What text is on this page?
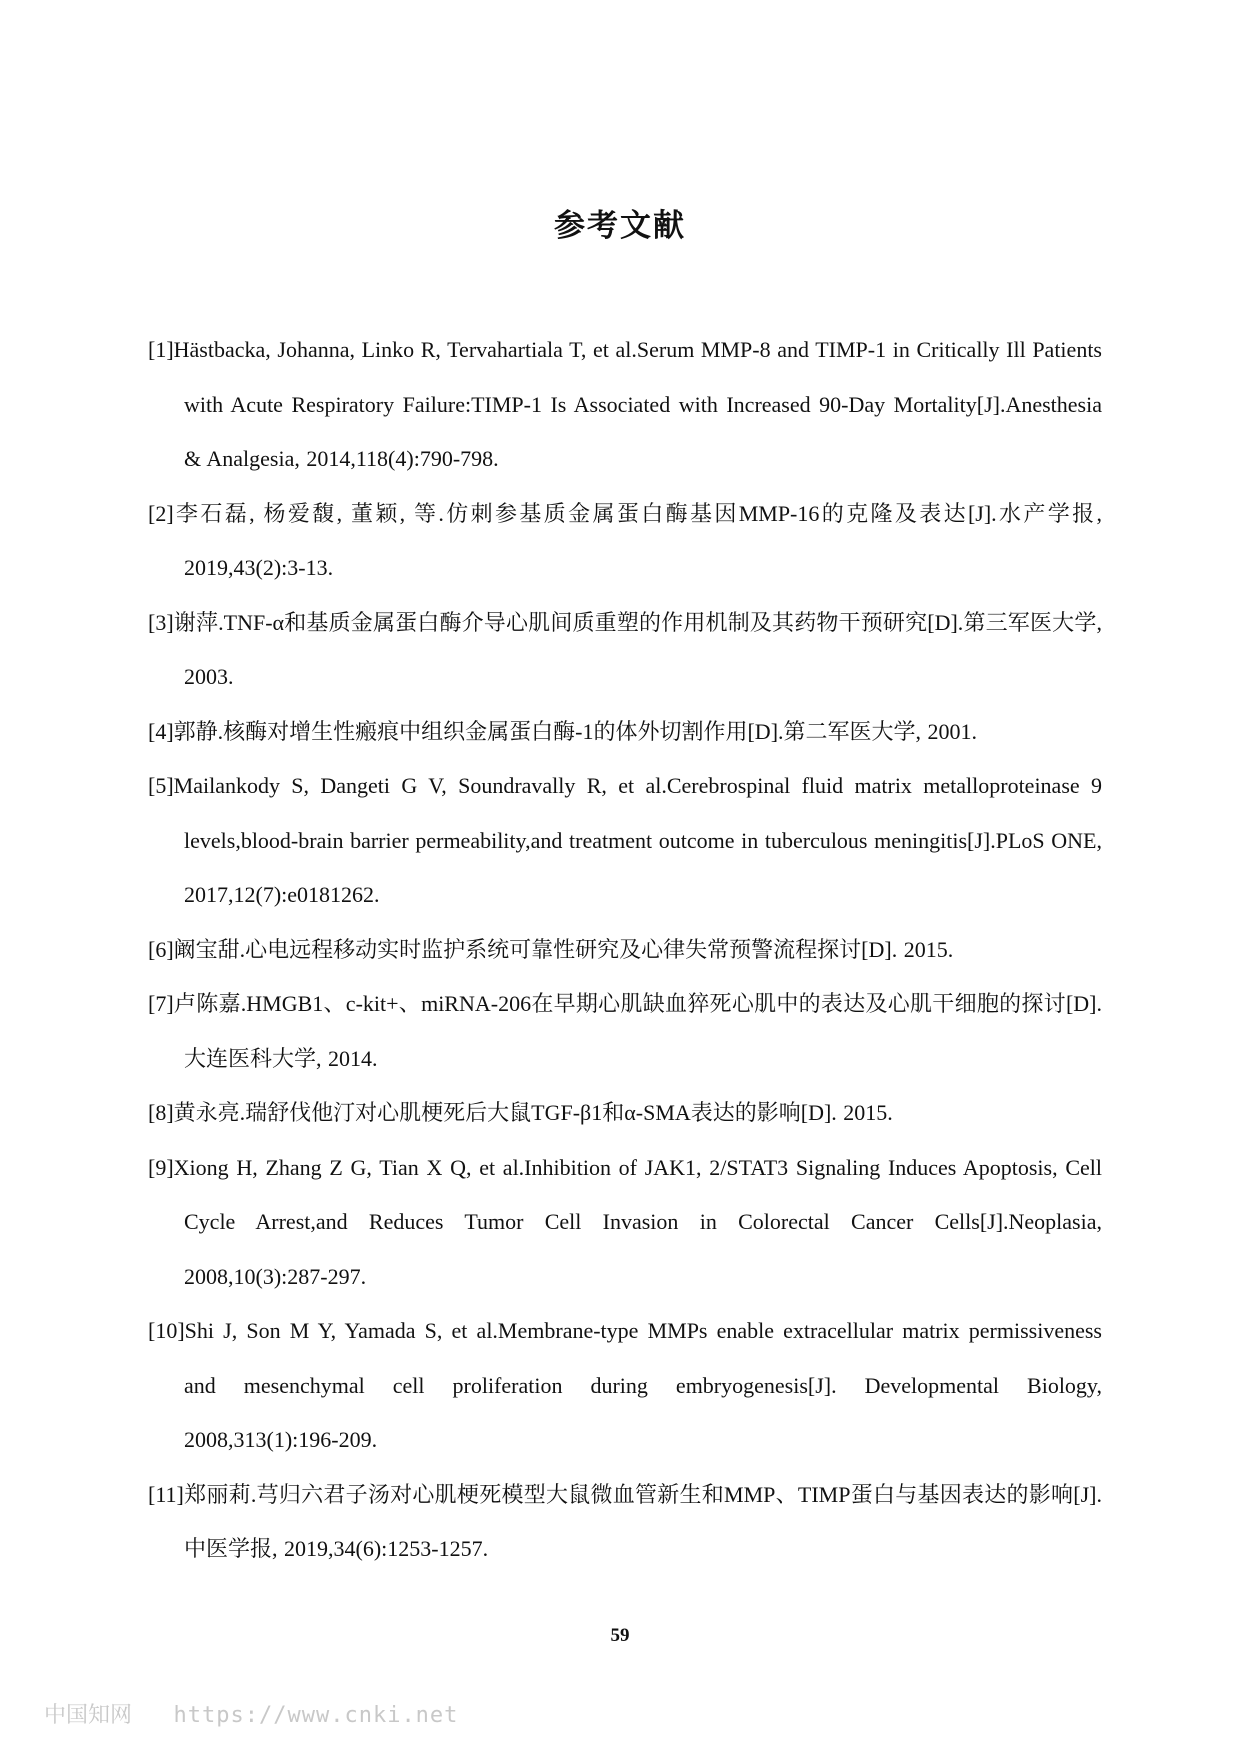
参考文献

[1]Hästbacka, Johanna, Linko R, Tervahartiala T, et al.Serum MMP-8 and TIMP-1 in Critically Ill Patients with Acute Respiratory Failure:TIMP-1 Is Associated with Increased 90-Day Mortality[J].Anesthesia & Analgesia, 2014,118(4):790-798.

[2]李石磊, 杨爱馥, 董颖, 等.仿刺参基质金属蛋白酶基因MMP-16的克隆及表达[J].水产学报, 2019,43(2):3-13.

[3]谢萍.TNF-α和基质金属蛋白酶介导心肌间质重塑的作用机制及其药物干预研究[D].第三军医大学, 2003.

[4]郭静.核酶对增生性瘢痕中组织金属蛋白酶-1的体外切割作用[D].第二军医大学, 2001.

[5]Mailankody S, Dangeti G V, Soundravally R, et al.Cerebrospinal fluid matrix metalloproteinase 9 levels,blood-brain barrier permeability,and treatment outcome in tuberculous meningitis[J].PLoS ONE, 2017,12(7):e0181262.

[6]阚宝甜.心电远程移动实时监护系统可靠性研究及心律失常预警流程探讨[D]. 2015.

[7]卢陈嘉.HMGB1、c-kit+、miRNA-206在早期心肌缺血猝死心肌中的表达及心肌干细胞的探讨[D].大连医科大学, 2014.

[8]黄永亮.瑞舒伐他汀对心肌梗死后大鼠TGF-β1和α-SMA表达的影响[D]. 2015.

[9]Xiong H, Zhang Z G, Tian X Q, et al.Inhibition of JAK1, 2/STAT3 Signaling Induces Apoptosis, Cell Cycle Arrest,and Reduces Tumor Cell Invasion in Colorectal Cancer Cells[J].Neoplasia, 2008,10(3):287-297.

[10]Shi J, Son M Y, Yamada S, et al.Membrane-type MMPs enable extracellular matrix permissiveness and mesenchymal cell proliferation during embryogenesis[J]. Developmental Biology, 2008,313(1):196-209.

[11]郑丽莉.芎归六君子汤对心肌梗死模型大鼠微血管新生和MMP、TIMP蛋白与基因表达的影响[J].中医学报, 2019,34(6):1253-1257.

59
中国知网 https://www.cnki.net
